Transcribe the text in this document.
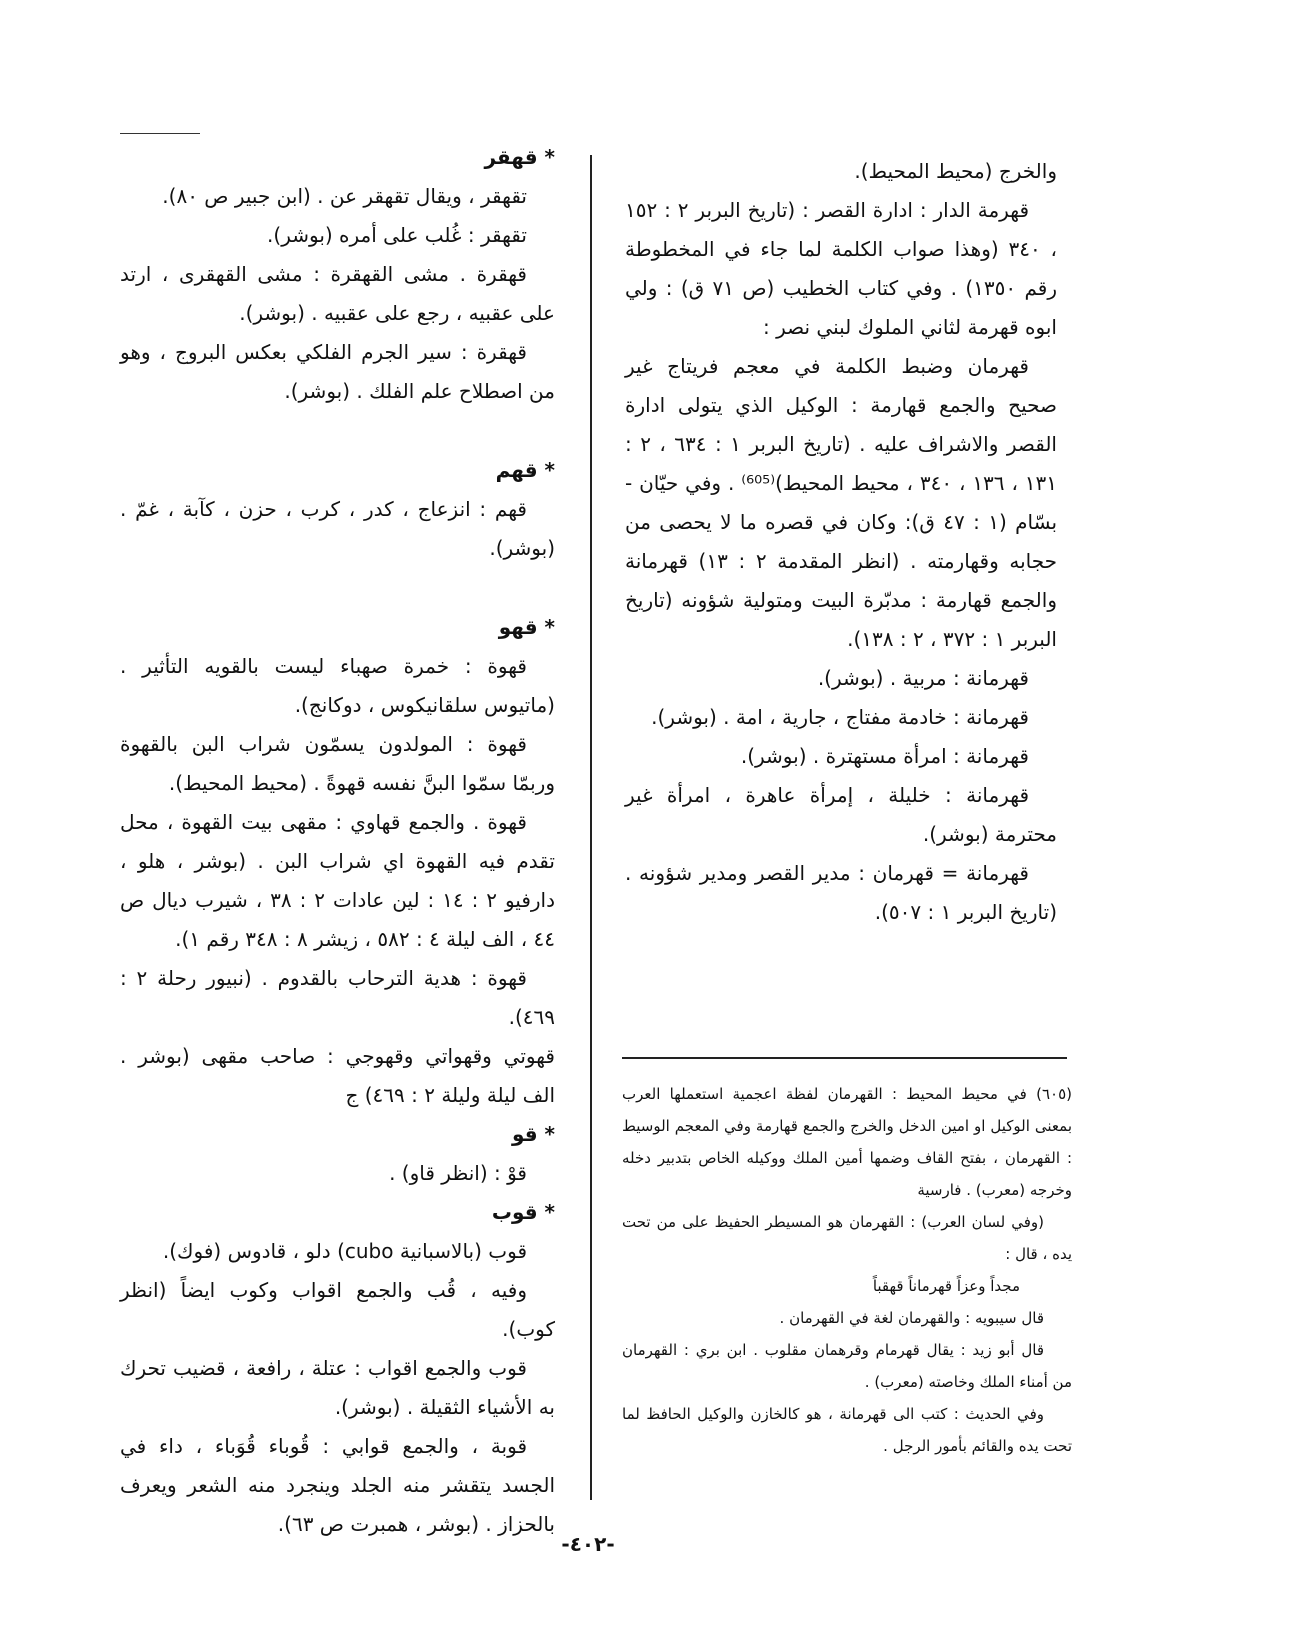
والخرج (محيط المحيط).

قهرمة الدار : ادارة القصر : (تاريخ البربر ٢ : ١٥٢ ، ٣٤٠ (وهذا صواب الكلمة لما جاء في المخطوطة رقم ١٣٥٠) . وفي كتاب الخطيب (ص ٧١ ق) : ولي ابوه قهرمة لثاني الملوك لبني نصر :

قهرمان وضبط الكلمة في معجم فريتاج غير صحيح والجمع قهارمة : الوكيل الذي يتولى ادارة القصر والاشراف عليه . (تاريخ البربر ١ : ٦٣٤ ، ٢ : ١٣١ ، ١٣٦ ، ٣٤٠ ، محيط المحيط)⁽⁶⁰⁵⁾ . وفي حيّان - بسّام (١ : ٤٧ ق): وكان في قصره ما لا يحصى من حجابه وقهارمته . (انظر المقدمة ٢ : ١٣) قهرمانة والجمع قهارمة : مدبّرة البيت ومتولية شؤونه (تاريخ البربر ١ : ٣٧٢ ، ٢ : ١٣٨).

قهرمانة : مربية . (بوشر).

قهرمانة : خادمة مفتاج ، جارية ، امة . (بوشر).

قهرمانة : امرأة مستهترة . (بوشر).

قهرمانة : خليلة ، إمرأة عاهرة ، امرأة غير محترمة (بوشر).

قهرمانة = قهرمان : مدير القصر ومدير شؤونه . (تاريخ البربر ١ : ٥٠٧).

* قهقر

تقهقر ، ويقال تقهقر عن . (ابن جبير ص ٨٠).

تقهقر : غُلب على أمره (بوشر).

قهقرة . مشى القهقرة : مشى القهقرى ، ارتد على عقبيه ، رجع على عقبيه . (بوشر).

قهقرة : سير الجرم الفلكي بعكس البروج ، وهو من اصطلاح علم الفلك . (بوشر).

* قهم

قهم : انزعاج ، كدر ، كرب ، حزن ، كآبة ، غمّ . (بوشر).

* قهو

قهوة : خمرة صهباء ليست بالقويه التأثير . (ماتيوس سلقانيكوس ، دوكانج).

قهوة : المولدون يسمّون شراب البن بالقهوة وربمّا سمّوا البنَّ نفسه قهوةً . (محيط المحيط).

قهوة . والجمع قهاوي : مقهى بيت القهوة ، محل تقدم فيه القهوة اي شراب البن . (بوشر ، هلو ، دارفيو ٢ : ١٤ : لين عادات ٢ : ٣٨ ، شيرب ديال ص ٤٤ ، الف ليلة ٤ : ٥٨٢ ، زيشر ٨ : ٣٤٨ رقم ١).

قهوة : هدية الترحاب بالقدوم . (نبيور رحلة ٢ : ٤٦٩).

قهوتي وقهواتي وقهوجي : صاحب مقهى (بوشر . الف ليلة وليلة ٢ : ٤٦٩) ج

* قو

قوْ : (انظر قاو) .

* قوب

قوب (بالاسبانية cubo) دلو ، قادوس (فوك).

وفيه ، قُب والجمع اقواب وكوب ايضاً (انظر كوب).

قوب والجمع اقواب : عتلة ، رافعة ، قضيب تحرك به الأشياء الثقيلة . (بوشر).

قوبة ، والجمع قوابي : قُوباء قُوَباء ، داء في الجسد يتقشر منه الجلد وينجرد منه الشعر ويعرف بالحزاز . (بوشر ، همبرت ص ٦٣).

(٦٠٥) في محيط المحيط : القهرمان لفظة اعجمية استعملها العرب بمعنى الوكيل او امين الدخل والخرج والجمع قهارمة وفي المعجم الوسيط : القهرمان ، بفتح القاف وضمها أمين الملك ووكيله الخاص بتدبير دخله وخرجه (معرب) . فارسية

(وفي لسان العرب) : القهرمان هو المسيطر الحفيظ على من تحت يده ، قال :

مجداً وعزاً قهرماناً قهقباً

قال سيبويه : والقهرمان لغة في القهرمان .

قال أبو زيد : يقال قهرمام وقرهمان مقلوب . ابن بري : القهرمان من أمناء الملك وخاصته (معرب) .

وفي الحديث : كتب الى قهرمانة ، هو كالخازن والوكيل الحافظ لما تحت يده والقائم بأمور الرجل .

-٤٠٢-
